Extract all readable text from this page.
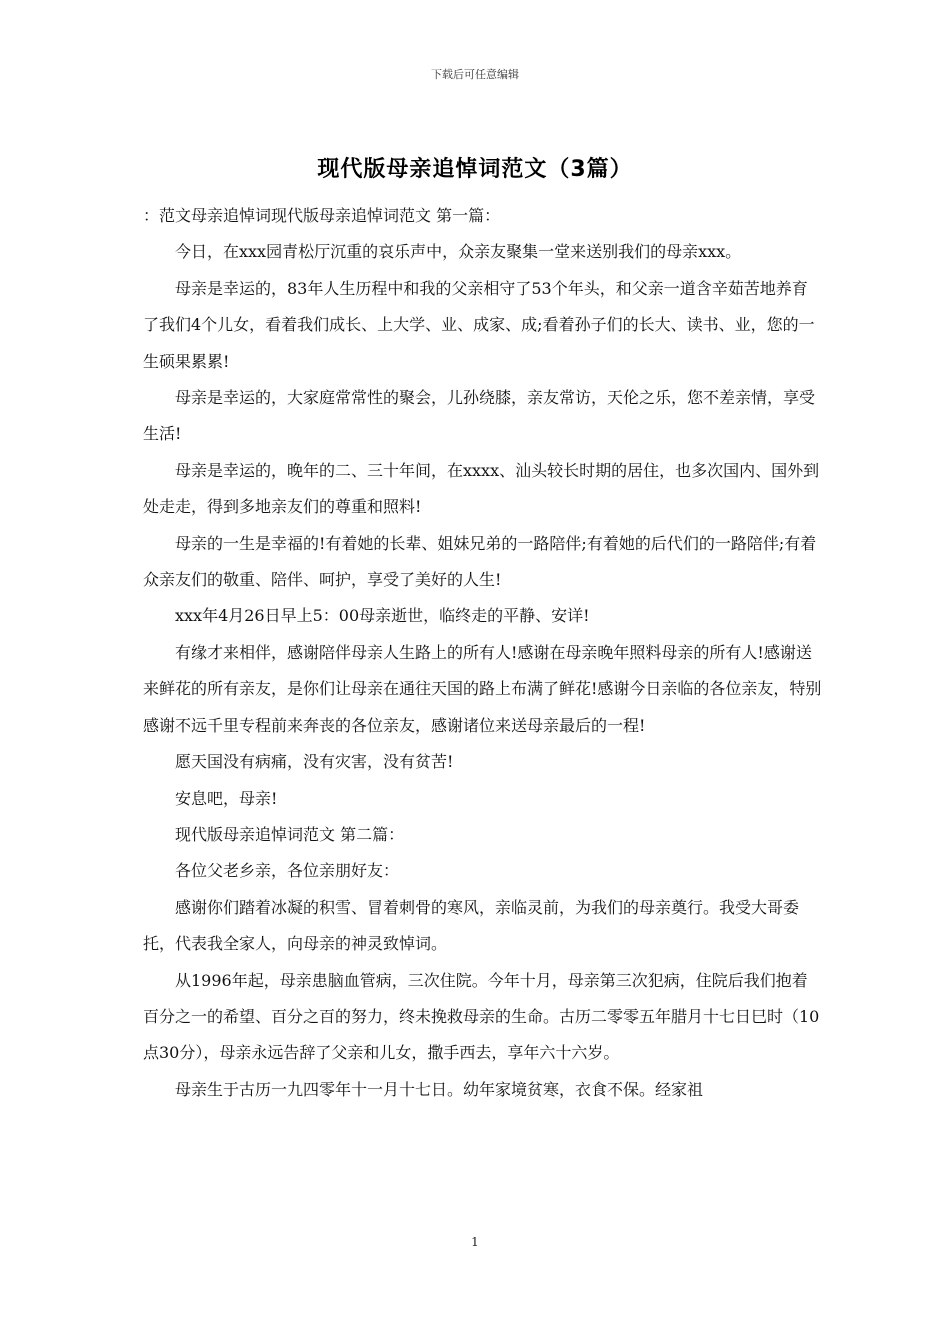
下载后可任意编辑
现代版母亲追悼词范文（3篇）

：范文母亲追悼词现代版母亲追悼词范文 第一篇：

今日，在xxx园青松厅沉重的哀乐声中，众亲友聚集一堂来送别我们的母亲xxx。

母亲是幸运的，83年人生历程中和我的父亲相守了53个年头，和父亲一道含辛茹苦地养育了我们4个儿女，看着我们成长、上大学、业、成家、成;看着孙子们的长大、读书、业，您的一生硕果累累!

母亲是幸运的，大家庭常常性的聚会，儿孙绕膝，亲友常访，天伦之乐，您不差亲情，享受生活!

母亲是幸运的，晚年的二、三十年间，在xxxx、汕头较长时期的居住，也多次国内、国外到处走走，得到多地亲友们的尊重和照料!

母亲的一生是幸福的!有着她的长辈、姐妹兄弟的一路陪伴;有着她的后代们的一路陪伴;有着众亲友们的敬重、陪伴、呵护，享受了美好的人生!

xxx年4月26日早上5：00母亲逝世，临终走的平静、安详!

有缘才来相伴，感谢陪伴母亲人生路上的所有人!感谢在母亲晚年照料母亲的所有人!感谢送来鲜花的所有亲友，是你们让母亲在通往天国的路上布满了鲜花!感谢今日亲临的各位亲友，特别感谢不远千里专程前来奔丧的各位亲友，感谢诸位来送母亲最后的一程!

愿天国没有病痛，没有灾害，没有贫苦!

安息吧，母亲!

现代版母亲追悼词范文 第二篇：

各位父老乡亲，各位亲朋好友：

感谢你们踏着冰凝的积雪、冒着刺骨的寒风，亲临灵前，为我们的母亲奠行。我受大哥委托，代表我全家人，向母亲的神灵致悼词。

从1996年起，母亲患脑血管病，三次住院。今年十月，母亲第三次犯病，住院后我们抱着百分之一的希望、百分之百的努力，终未挽救母亲的生命。古历二零零五年腊月十七日巳时（10点30分），母亲永远告辞了父亲和儿女，撒手西去，享年六十六岁。

母亲生于古历一九四零年十一月十七日。幼年家境贫寒，衣食不保。经家祖

1
